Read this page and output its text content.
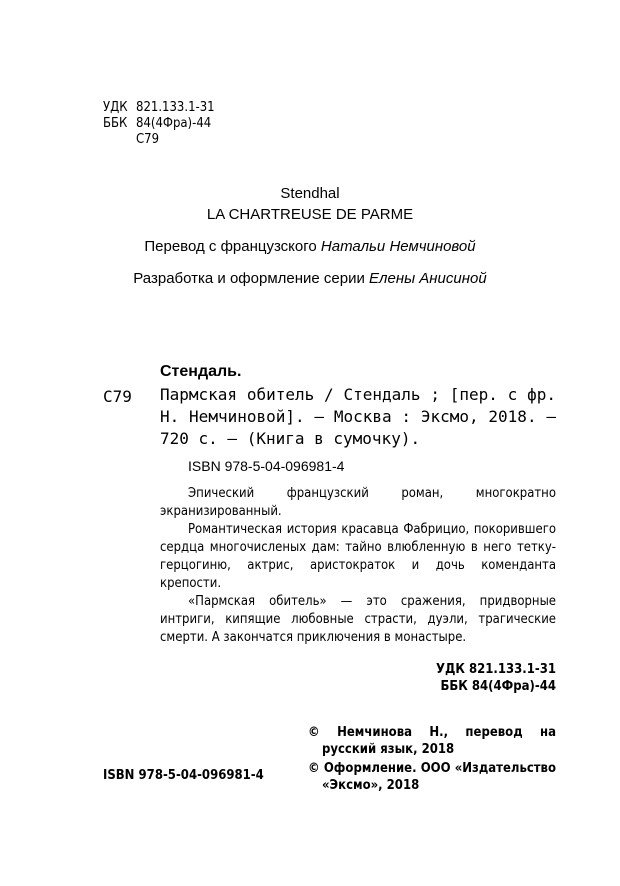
УДК 821.133.1-31
ББК 84(4Фра)-44
С79
Stendhal
LA CHARTREUSE DE PARME
Перевод с французского Натальи Немчиновой
Разработка и оформление серии Елены Анисиной
Стендаль.
С79 Пармская обитель / Стендаль ; [пер. с фр. Н. Немчиновой]. — Москва : Эксмо, 2018. — 720 с. — (Книга в сумочку).
ISBN 978-5-04-096981-4

Эпический французский роман, многократно экранизированный.

Романтическая история красавца Фабрицио, покорившего сердца многочисленых дам: тайно влюбленную в него тетку-герцогиню, актрис, аристократок и дочь коменданта крепости.

«Пармская обитель» — это сражения, придворные интриги, кипящие любовные страсти, дуэли, трагические смерти. А закончатся приключения в монастыре.

УДК 821.133.1-31
ББК 84(4Фра)-44

© Немчинова Н., перевод на русский язык, 2018

© Оформление. ООО «Издательство «Эксмо», 2018

ISBN 978-5-04-096981-4
